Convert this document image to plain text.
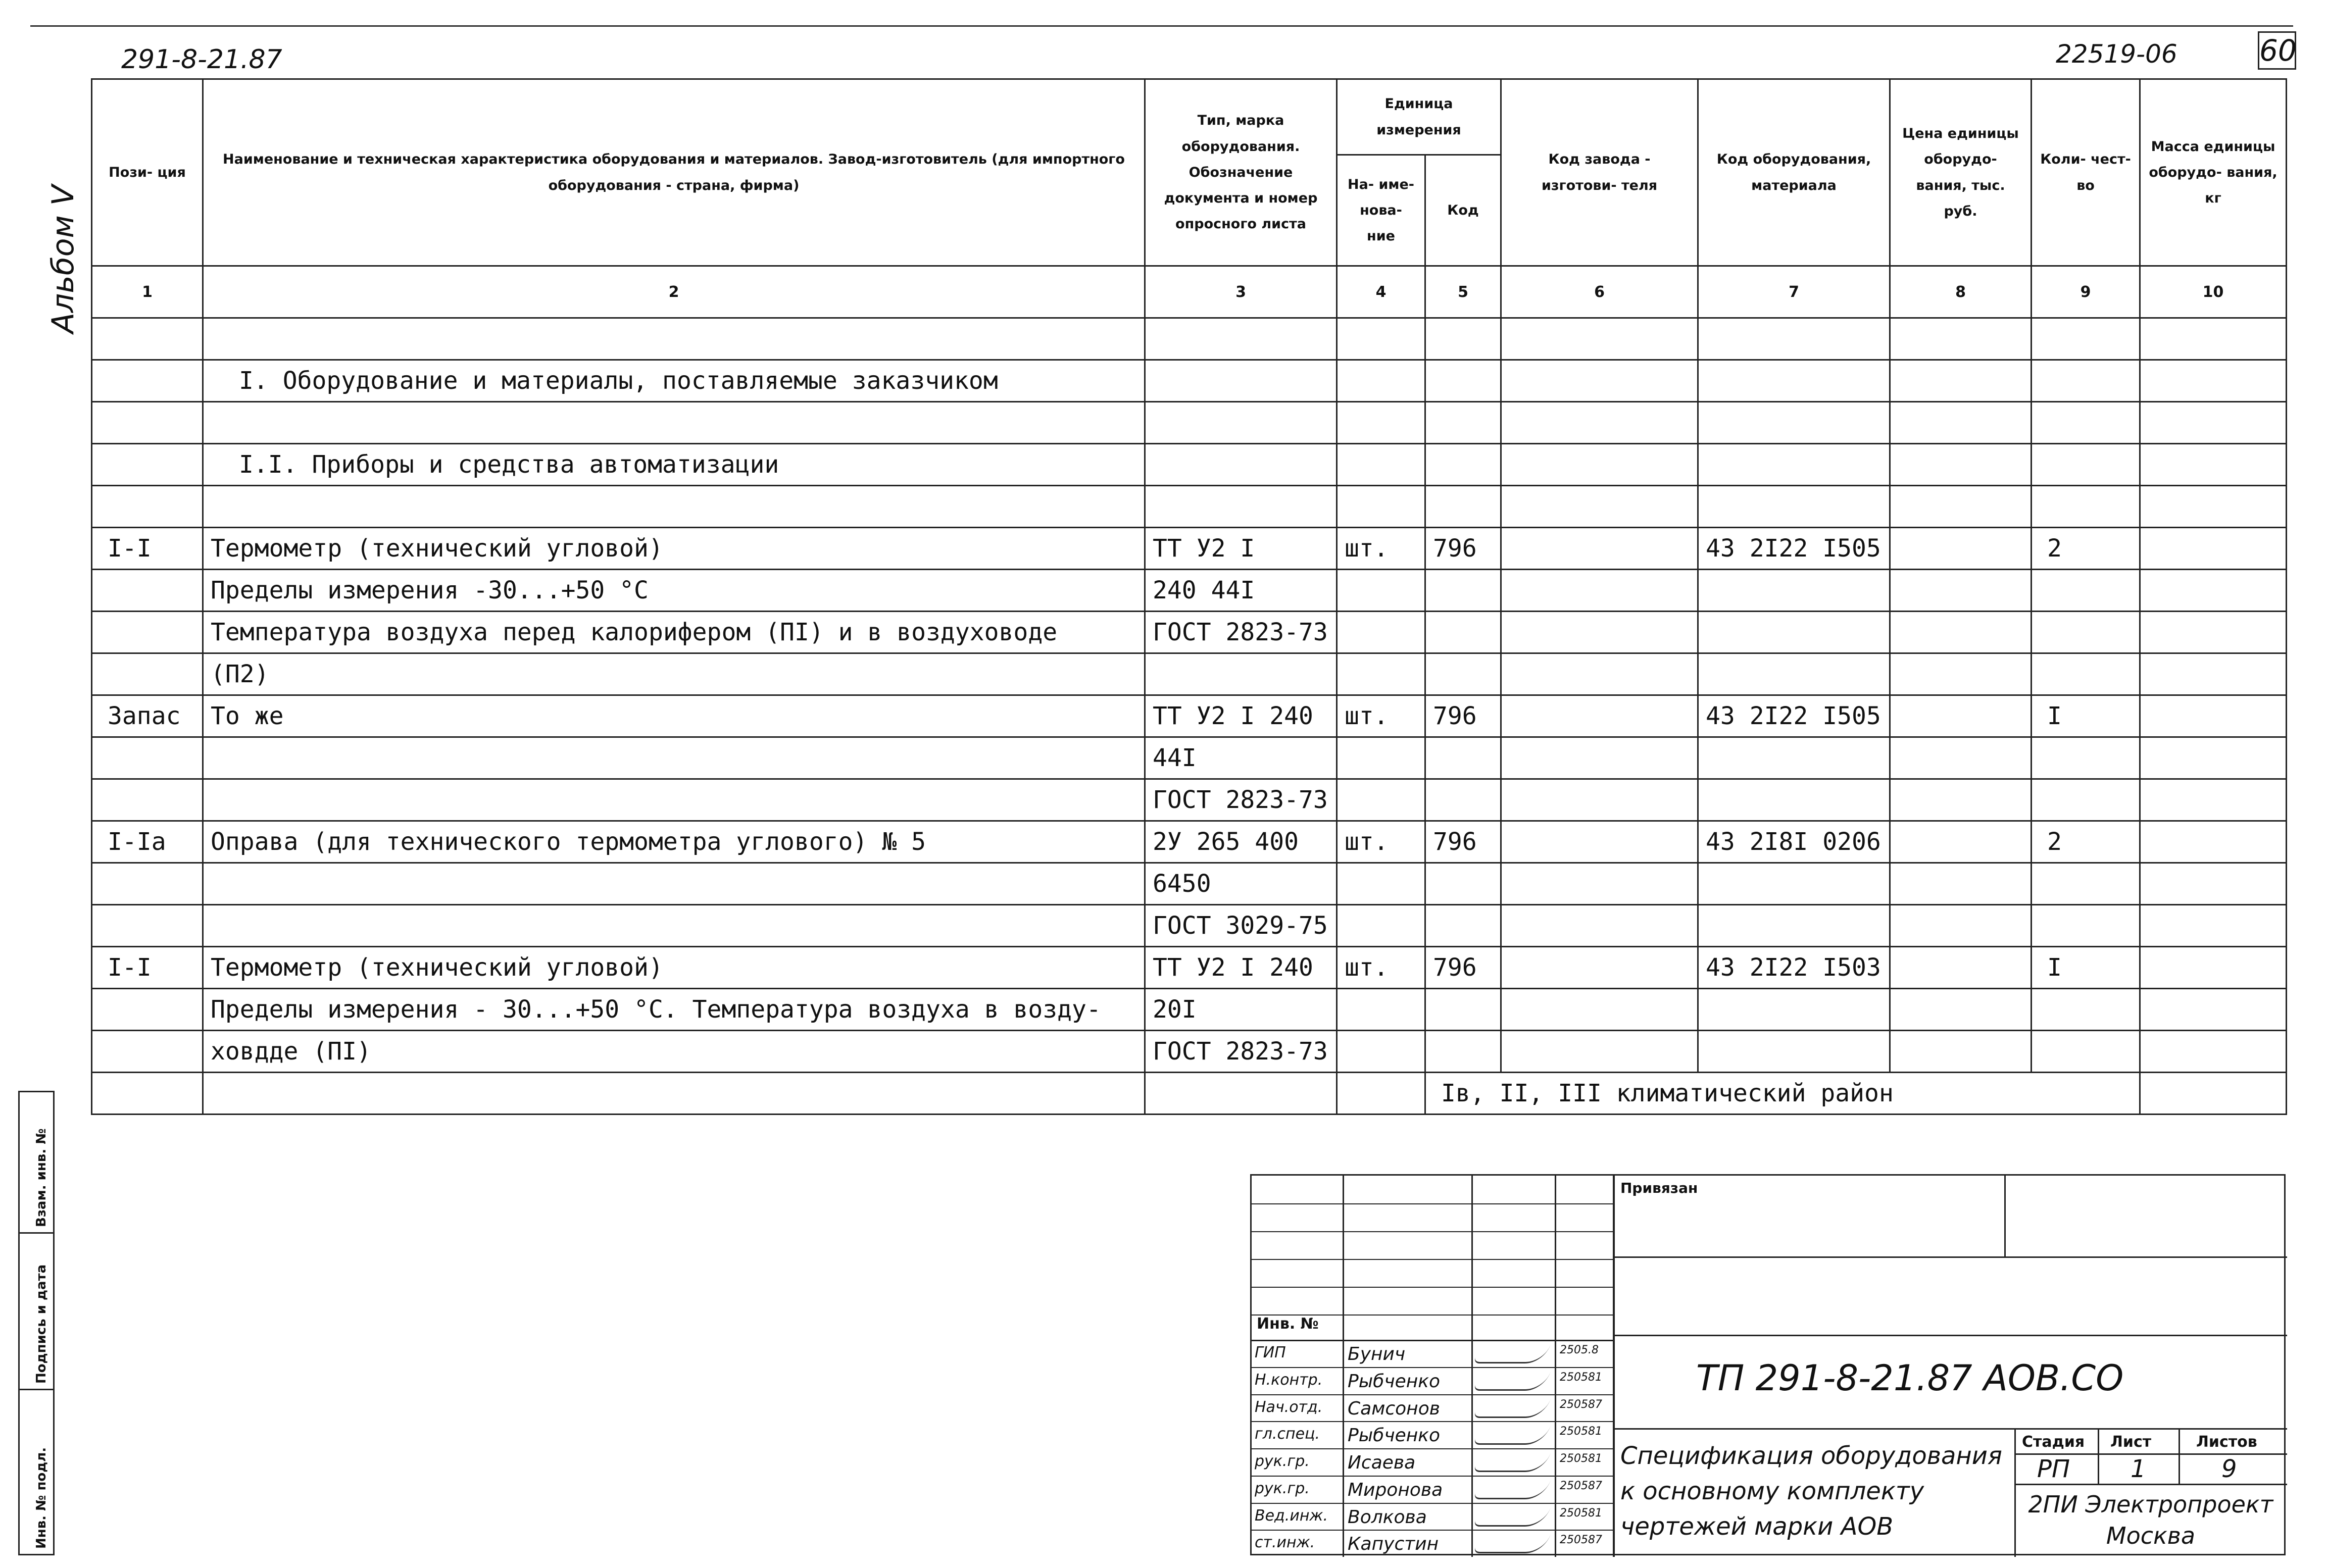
291-8-21.87	22519-06	60
Альбом V
Инв. № подл.
Подпись и дата
Взам. инв. №
Пози- ция	Наименование и техническая характеристика оборудования и материалов. Завод-изготовитель (для импортного оборудования - страна, фирма)	Тип, марка оборудования. Обозначение документа и номер опросного листа	Единица измерения		Код завода - изготови- теля	Код оборудования, материала	Цена единицы оборудо- вания, тыс. руб.	Коли- чест- во	Масса единицы оборудо- вания, кг
			На- име- нова- ние	Код					
1	2	3	4	5	6	7	8	9	10

	I. Оборудование и материалы, поставляемые заказчиком								

	I.I. Приборы и средства автоматизации								

I-I	Термометр (технический угловой)	ТТ У2 I	шт.	796		43 2I22 I505		2	
	Пределы измерения -30...+50 °С	240 44I							
	Температура воздуха перед калорифером (ПI) и в воздуховоде	ГОСТ 2823-73							
	(П2)								
Запас	То же	ТТ У2 I 240	шт.	796		43 2I22 I505		I	
		44I							
		ГОСТ 2823-73							
I-Iа	Оправа (для технического термометра углового) № 5	2У 265 400	шт.	796		43 2I8I 0206		2	
		6450							
		ГОСТ 3029-75							
I-I	Термометр (технический угловой)	ТТ У2 I 240	шт.	796		43 2I22 I503		I	
	Пределы измерения - 30...+50 °С. Температура воздуха в возду-	20I							
	ховдде (ПI)	ГОСТ 2823-73							
				Iв, II, III климатический район					
Инв. №
ГИП	Бунич	2505.8
Н.контр. Рыбченко	250581
Нач.отд. Самсонов	250587
гл.спец. Рыбченко	250581
рук.гр. Исаева	250581
рук.гр. Миронова	250587
Вед.инж. Волкова	250581
ст.инж. Капустин	250587
Привязан
ТП 291-8-21.87 АОВ.СО
Спецификация оборудования
к основному комплекту
чертежей марки АОВ
Стадия Лист	Листов
РП 1	9
2ПИ Электропроект
Москва
